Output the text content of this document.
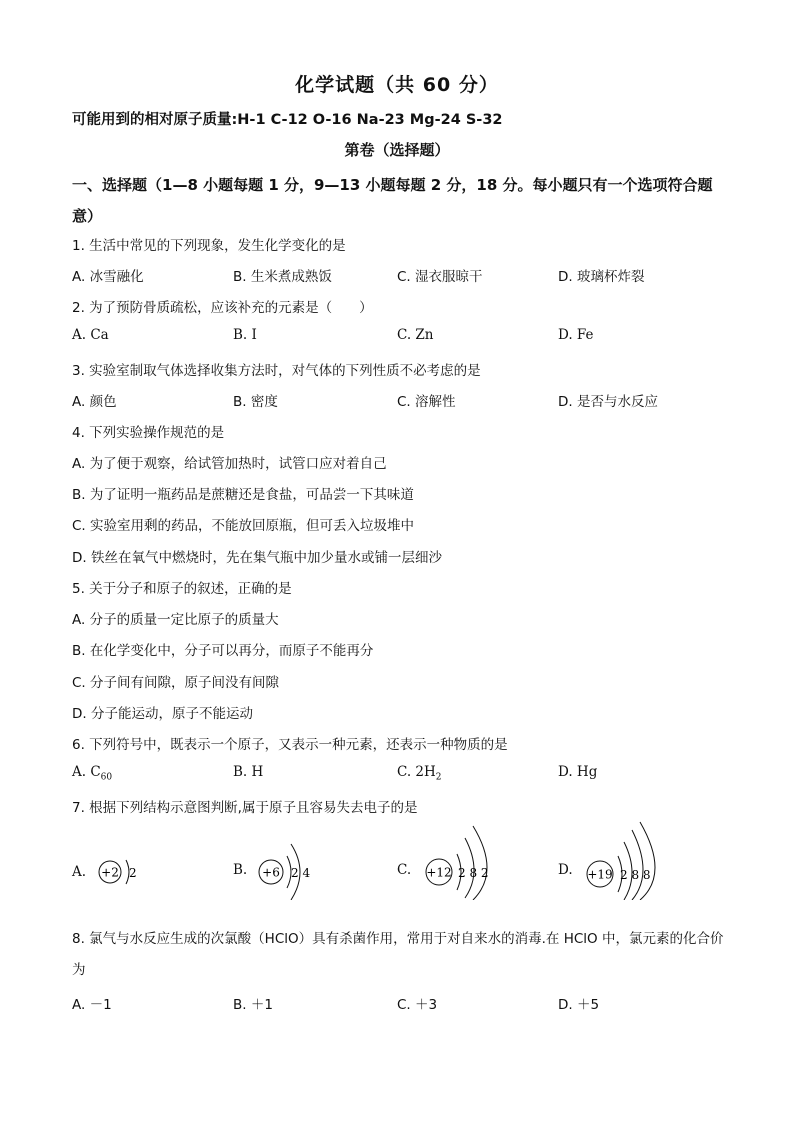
化学试题（共 60 分）
可能用到的相对原子质量:H-1 C-12 O-16 Na-23 Mg-24 S-32
第卷（选择题）
一、选择题（1—8 小题每题 1 分，9—13 小题每题 2 分，18 分。每小题只有一个选项符合题意）
1. 生活中常见的下列现象，发生化学变化的是
A. 冰雪融化	B. 生米煮成熟饭	C. 湿衣服晾干	D. 玻璃杯炸裂
2. 为了预防骨质疏松，应该补充的元素是（　　）
A. Ca	B. I	C. Zn	D. Fe
3. 实验室制取气体选择收集方法时，对气体的下列性质不必考虑的是
A. 颜色	B. 密度	C. 溶解性	D. 是否与水反应
4. 下列实验操作规范的是
A. 为了便于观察，给试管加热时，试管口应对着自己
B. 为了证明一瓶药品是蔗糖还是食盐，可品尝一下其味道
C. 实验室用剩的药品，不能放回原瓶，但可丢入垃圾堆中
D. 铁丝在氧气中燃烧时，先在集气瓶中加少量水或铺一层细沙
5. 关于分子和原子的叙述，正确的是
A. 分子的质量一定比原子的质量大
B. 在化学变化中，分子可以再分，而原子不能再分
C. 分子间有间隙，原子间没有间隙
D. 分子能运动，原子不能运动
6. 下列符号中，既表示一个原子，又表示一种元素，还表示一种物质的是
A. $C_{60}$	B. H	C. $2H_2$	D. Hg
7. 根据下列结构示意图判断,属于原子且容易失去电子的是
A. +2 2	B. +6 2 4	C. +12 2 8 2	D. +19 2 8 8
8. 氯气与水反应生成的次氯酸（HClO）具有杀菌作用，常用于对自来水的消毒.在 HClO 中，氯元素的化合价为
A. －1	B. ＋1	C. ＋3	D. ＋5
